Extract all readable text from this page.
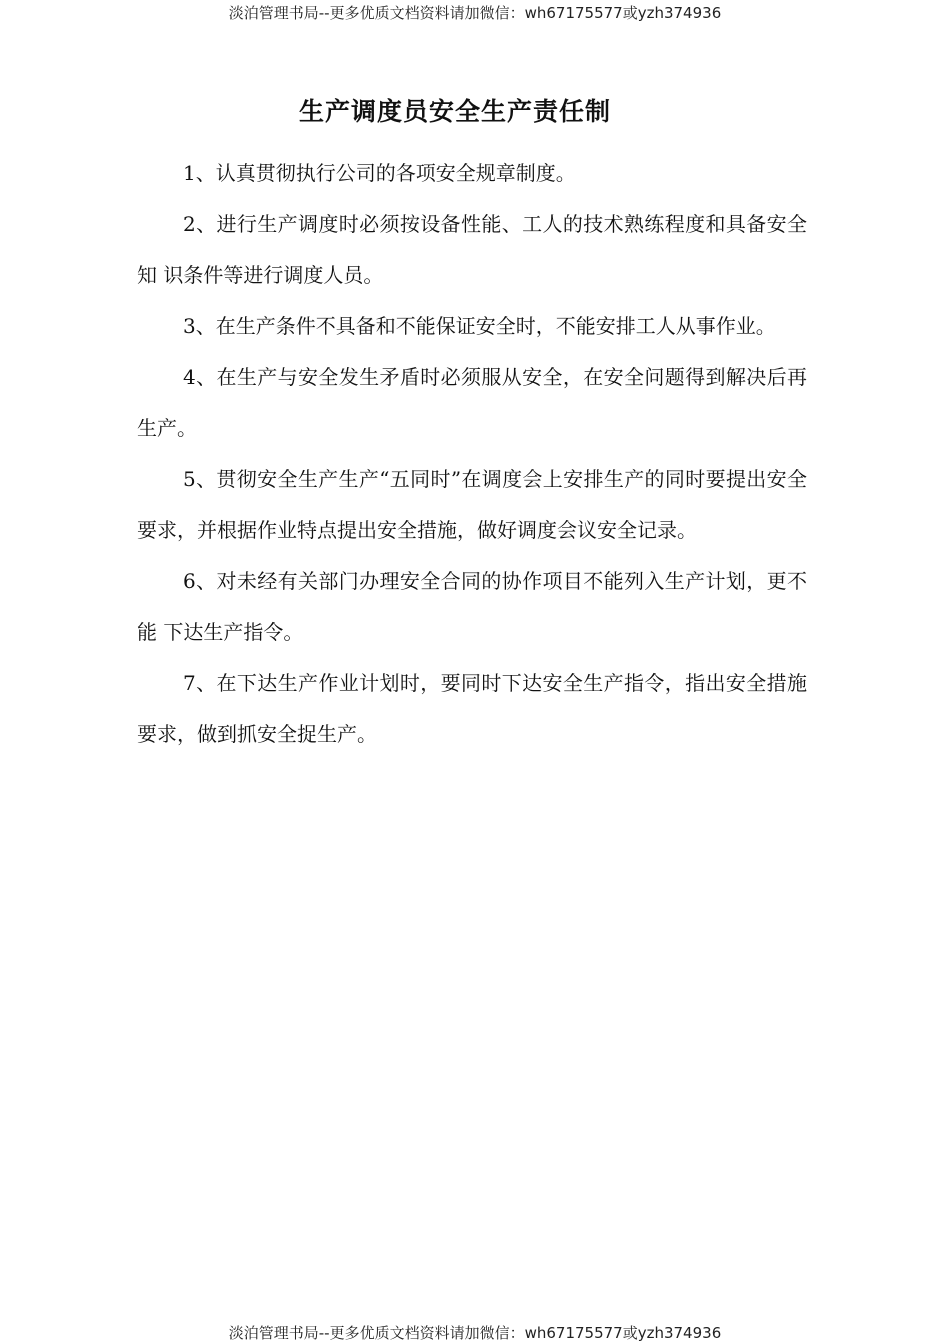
淡泊管理书局--更多优质文档资料请加微信：wh67175577或yzh374936
生产调度员安全生产责任制

1、认真贯彻执行公司的各项安全规章制度。

2、进行生产调度时必须按设备性能、工人的技术熟练程度和具备安全知 识条件等进行调度人员。

3、在生产条件不具备和不能保证安全时，不能安排工人从事作业。

4、在生产与安全发生矛盾时必须服从安全，在安全问题得到解决后再生产。

5、贯彻安全生产生产“五同时”在调度会上安排生产的同时要提出安全 要求，并根据作业特点提出安全措施，做好调度会议安全记录。

6、对未经有关部门办理安全合同的协作项目不能列入生产计划，更不能 下达生产指令。

7、在下达生产作业计划时，要同时下达安全生产指令，指出安全措施要求，做到抓安全捉生产。

淡泊管理书局--更多优质文档资料请加微信：wh67175577或yzh374936
